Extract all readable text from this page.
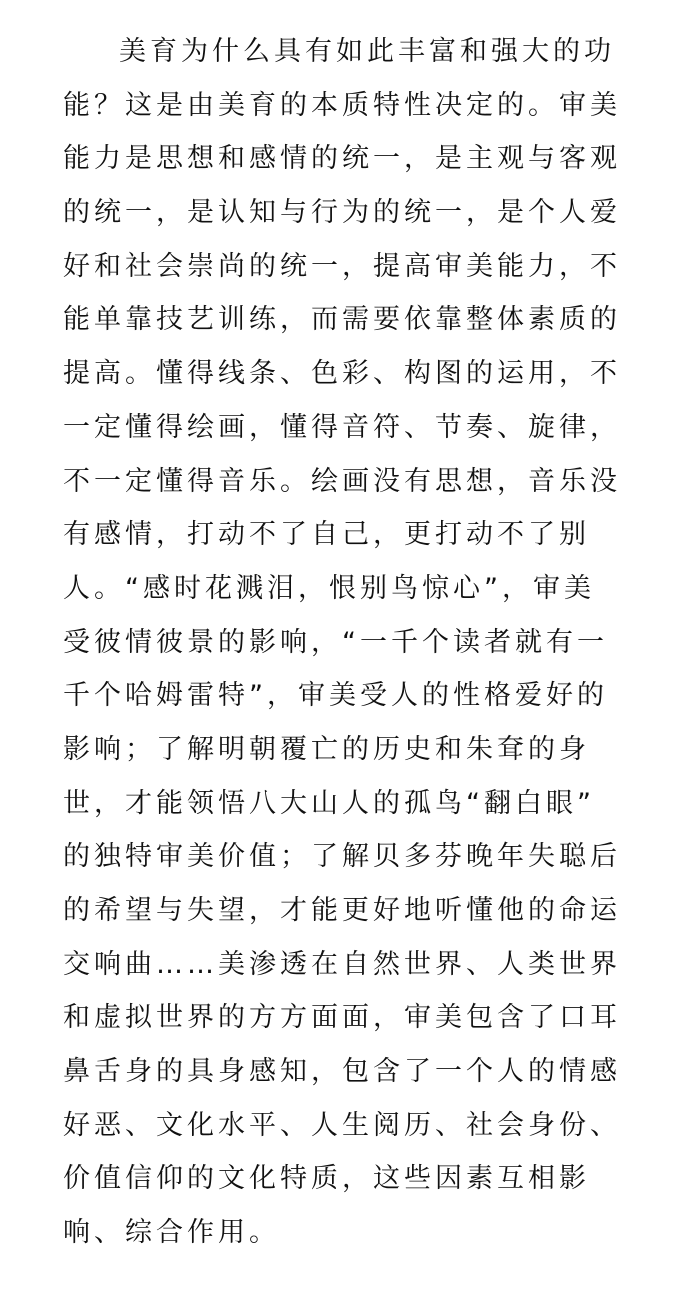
美育为什么具有如此丰富和强大的功
能？这是由美育的本质特性决定的。审美
能力是思想和感情的统一，是主观与客观
的统一，是认知与行为的统一，是个人爱
好和社会崇尚的统一，提高审美能力，不
能单靠技艺训练，而需要依靠整体素质的
提高。懂得线条、色彩、构图的运用，不
一定懂得绘画，懂得音符、节奏、旋律，
不一定懂得音乐。绘画没有思想，音乐没
有感情，打动不了自己，更打动不了别
人。“感时花溅泪，恨别鸟惊心”，审美
受彼情彼景的影响，“一千个读者就有一
千个哈姆雷特”，审美受人的性格爱好的
影响；了解明朝覆亡的历史和朱耷的身
世，才能领悟八大山人的孤鸟“翻白眼”
的独特审美价值；了解贝多芬晚年失聪后
的希望与失望，才能更好地听懂他的命运
交响曲……美渗透在自然世界、人类世界
和虚拟世界的方方面面，审美包含了口耳
鼻舌身的具身感知，包含了一个人的情感
好恶、文化水平、人生阅历、社会身份、
价值信仰的文化特质，这些因素互相影
响、综合作用。
